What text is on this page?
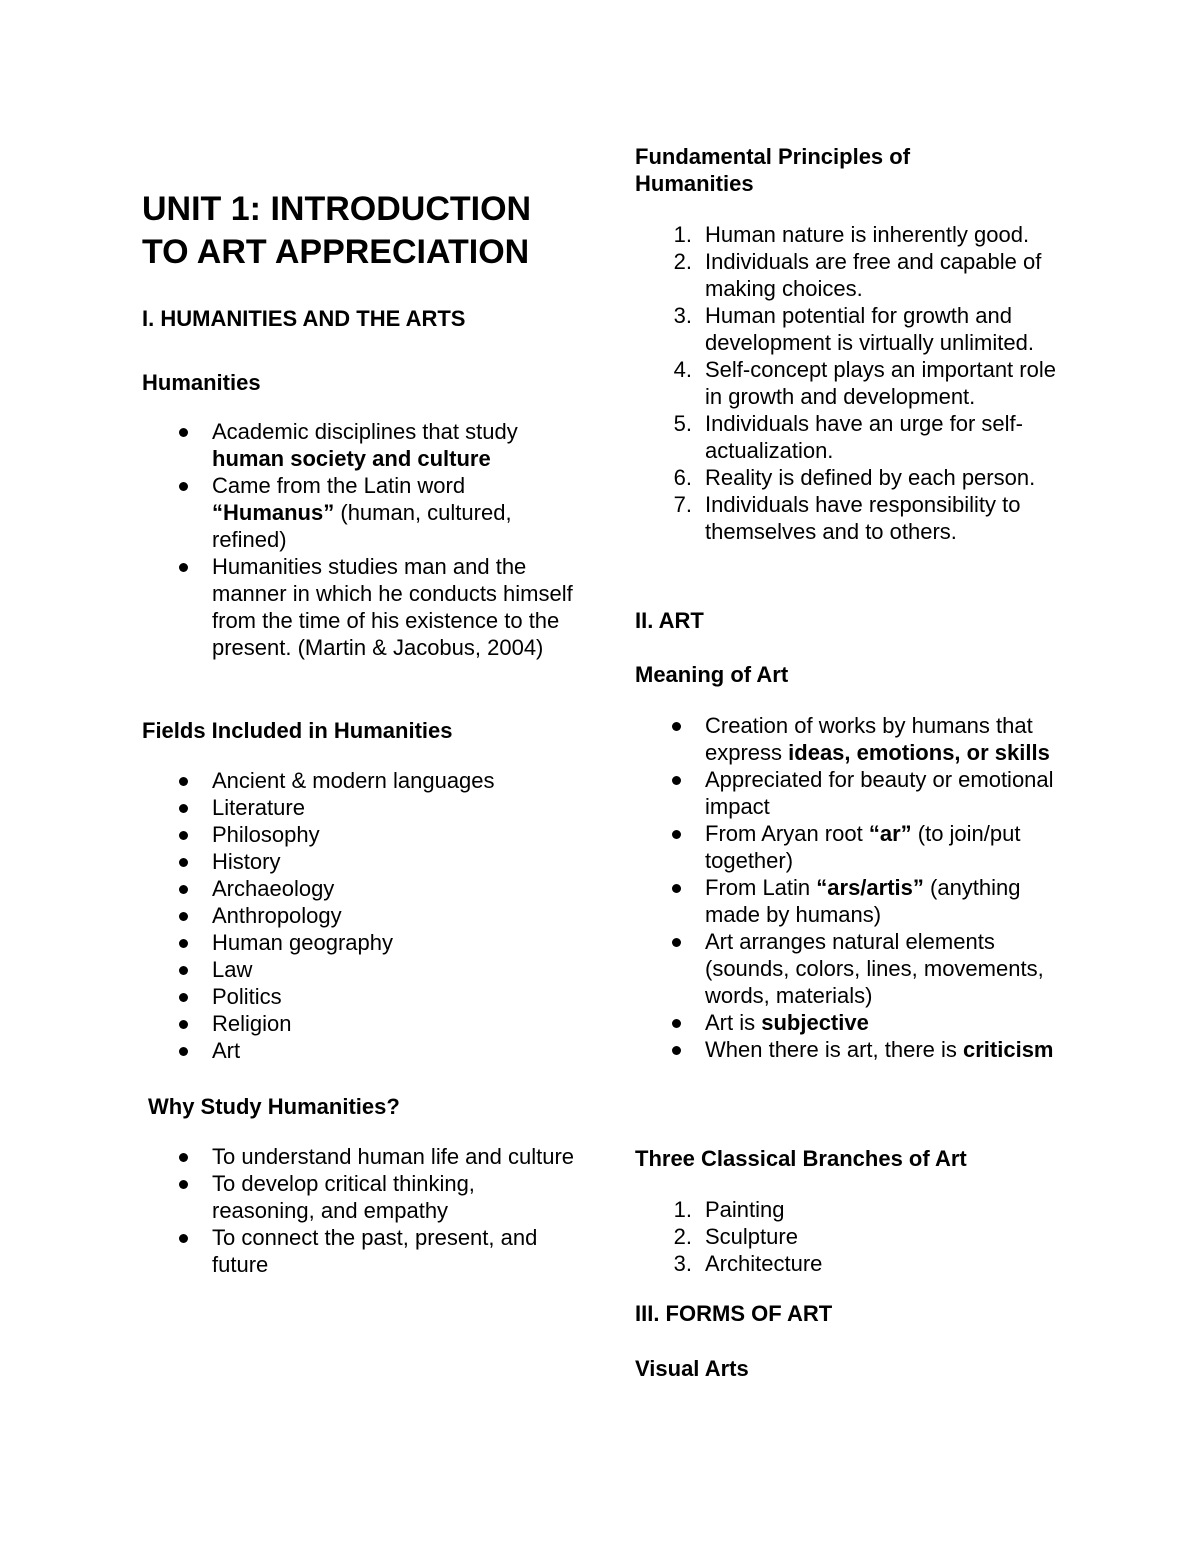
UNIT 1: INTRODUCTION TO ART APPRECIATION
I. HUMANITIES AND THE ARTS
Humanities
Academic disciplines that study human society and culture
Came from the Latin word “Humanus” (human, cultured, refined)
Humanities studies man and the manner in which he conducts himself from the time of his existence to the present. (Martin & Jacobus, 2004)
Fields Included in Humanities
Ancient & modern languages
Literature
Philosophy
History
Archaeology
Anthropology
Human geography
Law
Politics
Religion
Art
Why Study Humanities?
To understand human life and culture
To develop critical thinking, reasoning, and empathy
To connect the past, present, and future
Fundamental Principles of Humanities
1 . Human nature is inherently good.
2 . Individuals are free and capable of making choices.
3 . Human potential for growth and development is virtually unlimited.
4 . Self-concept plays an important role in growth and development.
5 . Individuals have an urge for self-actualization.
6 . Reality is defined by each person.
7 . Individuals have responsibility to themselves and to others.
II. ART
Meaning of Art
Creation of works by humans that express ideas, emotions, or skills
Appreciated for beauty or emotional impact
From Aryan root “ar” (to join/put together)
From Latin “ars/artis” (anything made by humans)
Art arranges natural elements (sounds, colors, lines, movements, words, materials)
Art is subjective
When there is art, there is criticism
Three Classical Branches of Art
1 . Painting
2 . Sculpture
3 . Architecture
III. FORMS OF ART
Visual Arts
